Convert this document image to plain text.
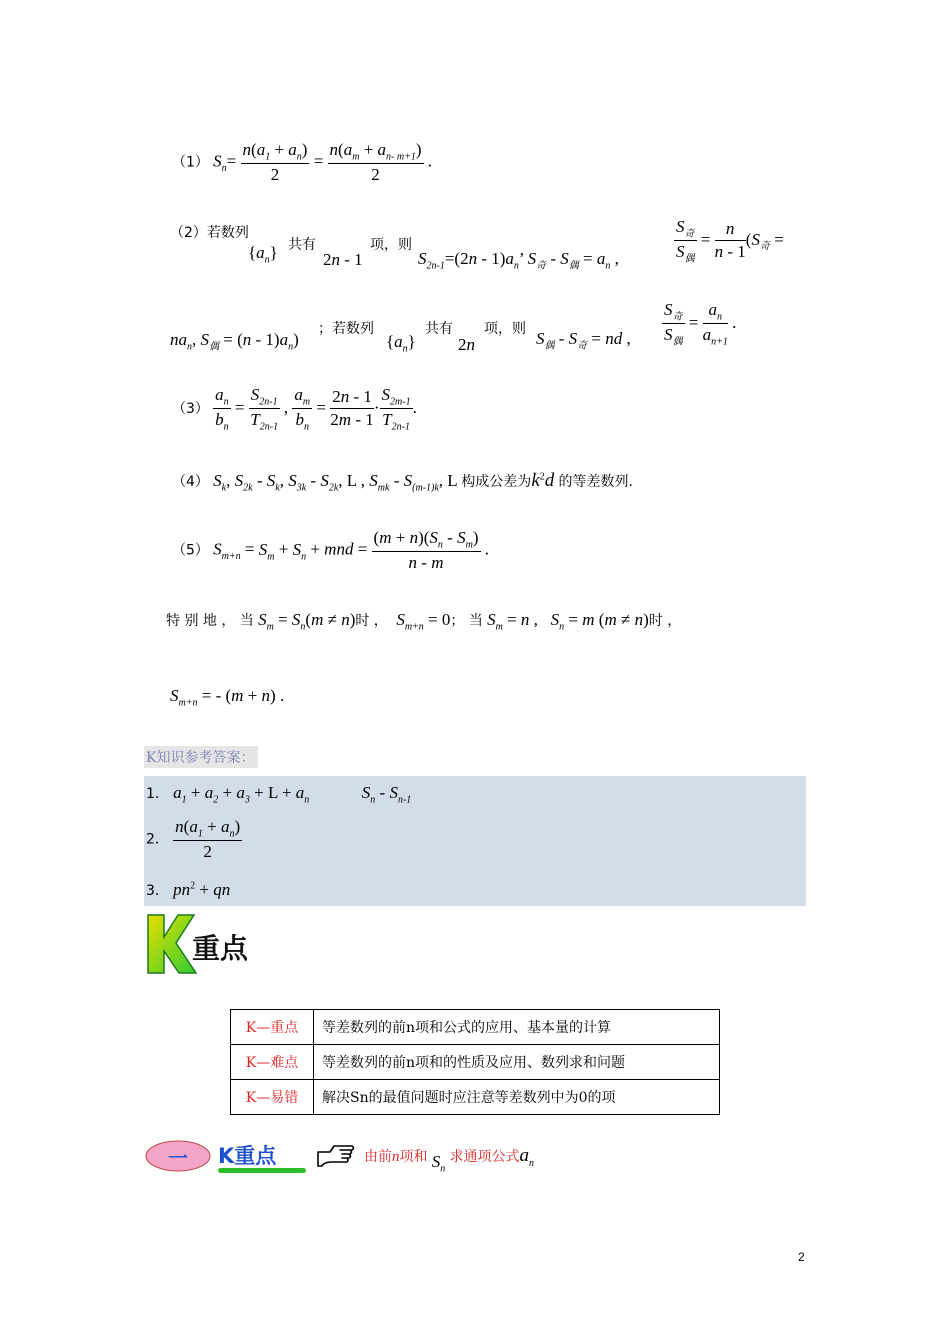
（1） $S_n= \frac{n(a_1 + a_n)}{2} = \frac{n(a_m + a_{n- m+1})}{2}$ .
（2）若数列
$\{a_n\}$ 共有
2n - 1
项，则
$S_{2n-1}=(2n - 1)a_n$’ $S_奇 - S_偶 = a_n$ ,	$\frac{S_奇}{S_偶} = \frac{n}{n - 1} (S_奇$ =
$na_n$, $S_偶 = (n - 1)a_n$)
；若数列
$\{a_n\}$
共有
2n
项，则 $S_偶 - S_奇$ = nd , $\frac{S_奇}{S_偶} = \frac{a_n}{a_{n+1}}$ .
$(3) \frac{a_n}{b_n} = \frac{S_{2n-1}}{T_{2n-1}}$ , $\frac{a_m}{b_n} = \frac{2n - 1}{2m - 1} \cdot \frac{S_{2m-1}}{T_{2n-1}}$ .
（4） $S_k$, $S_{2k} - S_k$, $S_{3k} - S_{2k}$, L , $S_{mk} - S_{(m-1)k}$, L 构成公差为$k^2d$ 的等差数列.
（5） $S_{m+n} = S_m + S_n$ + mnd = $\frac{(m + n)(S_n - S_m)}{n - m}$ .
特 别 地 ， 当 $S_m = S_n(m \ne n)$时 ， $S_{m+n} = 0$； 当 $S_m = n$ ,   $S_n = m$ (m ≠ n)时 ，
$S_{m+n}$ = - (m + n) .
K知识参考答案：
1． $a_1 + a_2 + a_3 + L + a_n$	$S_n - S_{n-1}$
2． $\frac{n(a_1 + a_n)}{2}$
3． $pn^2$ + qn
重点
K—重点	等差数列的前n项和公式的应用、基本量的计算
K—难点	等差数列的前n项和的性质及应用、数列求和问题
K—易错	解决Sn的最值问题时应注意等差数列中为0的项
一	K重点	由前n项和 $S_n$ 求通项公式$a_n$
2
